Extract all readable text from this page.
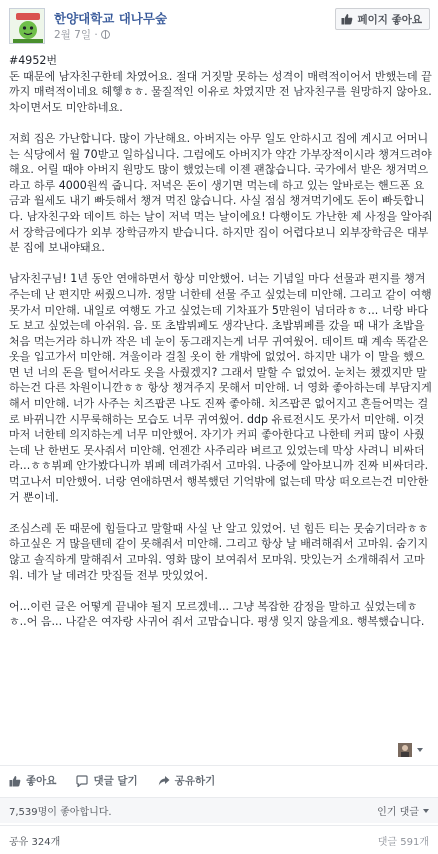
한양대학교 대나무숲
2월 7일 ·
페이지 좋아요

#4952번
돈 때문에 남자친구한테 차였어요. 절대 거짓말 못하는 성격이 매력적이어서 반했는데 끝까지 매력적이네요 헤헿ㅎㅎ. 물질적인 이유로 차였지만 전 남자친구를 원망하지 않아요. 차이면서도 미안하네요.

저희 집은 가난합니다. 많이 가난해요. 아버지는 아무 일도 안하시고 집에 계시고 어머니는 식당에서 월 70받고 일하십니다. 그럼에도 아버지가 약간 가부장적이시라 챙겨드려야해요. 어릴 때야 아버지 원망도 많이 했었는데 이젠 괜찮습니다. 국가에서 받은 챙겨먹으라고 하루 4000원씩 줍니다. 저녁은 돈이 생기면 먹는데 하고 있는 알바로는 핸드폰 요금과 월세도 내기 빠듯해서 챙겨 먹진 않습니다. 사실 점심 챙겨먹기에도 돈이 빠듯합니다. 남자친구와 데이트 하는 날이 저녁 먹는 날이에요! 다행이도 가난한 제 사정을 알아줘서 장학금에다가 외부 장학금까지 받습니다. 하지만 집이 어렵다보니 외부장학금은 대부분 집에 보내야돼요.

남자친구님! 1년 동안 연애하면서 항상 미안했어. 너는 기념일 마다 선물과 편지를 챙겨주는데 난 편지만 써줬으니까. 정말 너한테 선물 주고 싶었는데 미안해. 그리고 같이 여행 못가서 미안해. 내일로 여행도 가고 싶었는데 기차표가 5만원이 넘더라ㅎㅎ... 너랑 바다도 보고 싶었는데 아쉬워. 음. 또 초밥뷔페도 생각난다. 초밥뷔페를 갔을 때 내가 초밥을 처음 먹는거라 하니까 작은 네 눈이 동그래지는게 너무 귀여웠어. 데이트 때 계속 똑같은 옷을 입고가서 미안해. 겨울이라 걸칠 옷이 한 개밖에 없었어. 하지만 내가 이 말을 했으면 넌 너의 돈을 털어서라도 옷을 사줬겠지? 그래서 말할 수 없었어. 눈치는 챘겠지만 말하는건 다른 차원이니깐ㅎㅎ 항상 챙겨주지 못해서 미안해. 너 영화 좋아하는데 부담지게 해서 미안해. 너가 사주는 치즈팝콘 나도 진짜 좋아해. 치즈팝콘 없어지고 흔들어먹는 걸로 바뀌니깐 시무룩해하는 모습도 너무 귀여웠어. ddp 유료전시도 못가서 미안해. 이것마저 너한테 의지하는게 너무 미안했어. 자기가 커피 좋아한다고 나한테 커피 많이 사줬는데 난 한번도 못사줘서 미안해. 언젠간 사주리라 벼르고 있었는데 막상 사려니 비싸더라...ㅎㅎ뷔페 안가봤다니까 뷔페 데려가줘서 고마워. 나중에 알아보니까 진짜 비싸더라. 먹고나서 미안했어. 너랑 연애하면서 행복했던 기억밖에 없는데 막상 떠오르는건 미안한거 뿐이네.

조심스레 돈 때문에 힘들다고 말할때 사실 난 알고 있었어. 넌 힘든 티는 못숨기더라ㅎㅎ 하고싶은 거 많을텐데 같이 못해줘서 미안해. 그리고 항상 날 배려해줘서 고마워. 숨기지 않고 솔직하게 말해줘서 고마워. 영화 많이 보여줘서 모마워. 맛있는거 소개해줘서 고마워. 네가 날 데려간 맛집들 전부 맛있었어.

어...이런 글은 어떻게 끝내야 될지 모르겠네... 그냥 복잡한 감정을 말하고 싶었는데ㅎㅎ..어 음... 나같은 여자랑 사귀어 줘서 고맙습니다. 평생 잊지 않을게요. 행복했습니다.

좋아요	댓글 달기	공유하기
7,539명이 좋아합니다.	인기 댓글
공유 324개	댓글 591개
